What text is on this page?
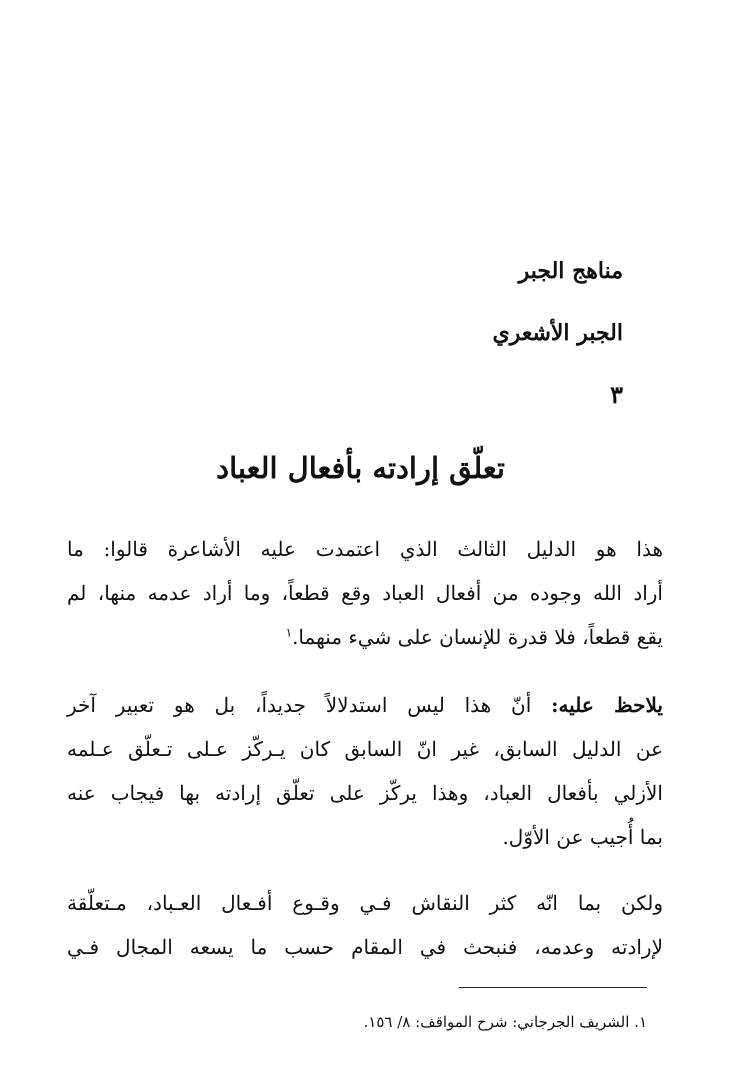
مناهج الجبر
الجبر الأشعري
٣
تعلّق إرادته بأفعال العباد
هذا هو الدليل الثالث الذي اعتمدت عليه الأشاعرة قالوا: ما
أراد الله وجوده من أفعال العباد وقع قطعاً، وما أراد عدمه منها، لم
يقع قطعاً، فلا قدرة للإنسان على شيء منهما.$^١$
يلاحظ عليه: أنّ هذا ليس استدلالاً جديداً، بل هو تعبير آخر
عن الدليل السابق، غير انّ السابق كان يـركّز عـلى تـعلّق عـلمه
الأزلي بأفعال العباد، وهذا يركّز على تعلّق إرادته بها فيجاب عنه
بما أُجيب عن الأوّل.
ولكن بما انّه كثر النقاش فـي وقـوع أفـعال العـباد، مـتعلّقة
لإرادته وعدمه، فنبحث في المقام حسب ما يسعه المجال فـي
١. الشريف الجرجاني: شرح المواقف: ٨/ ١٥٦.
